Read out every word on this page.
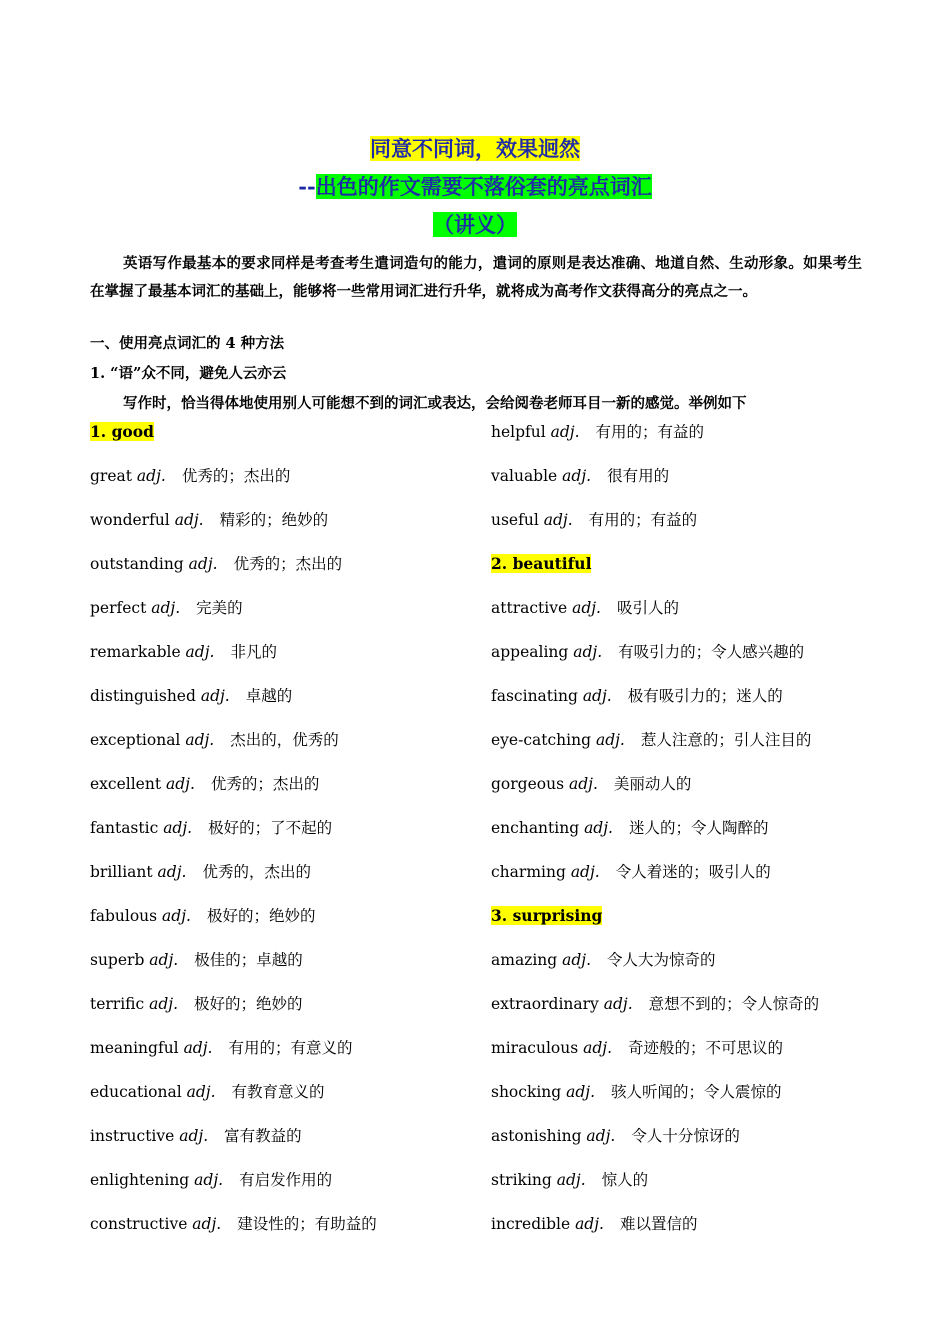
同意不同词，效果迥然
--出色的作文需要不落俗套的亮点词汇
（讲义）

英语写作最基本的要求同样是考查考生遣词造句的能力，遣词的原则是表达准确、地道自然、生动形象。如果考生在掌握了最基本词汇的基础上，能够将一些常用词汇进行升华，就将成为高考作文获得高分的亮点之一。

一、使用亮点词汇的 4 种方法
1. “语”众不同，避免人云亦云
写作时，恰当得体地使用别人可能想不到的词汇或表达，会给阅卷老师耳目一新的感觉。举例如下
1. good
great adj. 优秀的；杰出的
wonderful adj. 精彩的；绝妙的
outstanding adj. 优秀的；杰出的
perfect adj. 完美的
remarkable adj. 非凡的
distinguished adj. 卓越的
exceptional adj. 杰出的，优秀的
excellent adj. 优秀的；杰出的
fantastic adj. 极好的；了不起的
brilliant adj. 优秀的，杰出的
fabulous adj. 极好的；绝妙的
superb adj. 极佳的；卓越的
terrific adj. 极好的；绝妙的
meaningful adj. 有用的；有意义的
educational adj. 有教育意义的
instructive adj. 富有教益的
enlightening adj. 有启发作用的
constructive adj. 建设性的；有助益的
helpful adj. 有用的；有益的
valuable adj. 很有用的
useful adj. 有用的；有益的
2. beautiful
attractive adj. 吸引人的
appealing adj. 有吸引力的；令人感兴趣的
fascinating adj. 极有吸引力的；迷人的
eye-catching adj. 惹人注意的；引人注目的
gorgeous adj. 美丽动人的
enchanting adj. 迷人的；令人陶醉的
charming adj. 令人着迷的；吸引人的
3. surprising
amazing adj. 令人大为惊奇的
extraordinary adj. 意想不到的；令人惊奇的
miraculous adj. 奇迹般的；不可思议的
shocking adj. 骇人听闻的；令人震惊的
astonishing adj. 令人十分惊讶的
striking adj. 惊人的
incredible adj. 难以置信的
